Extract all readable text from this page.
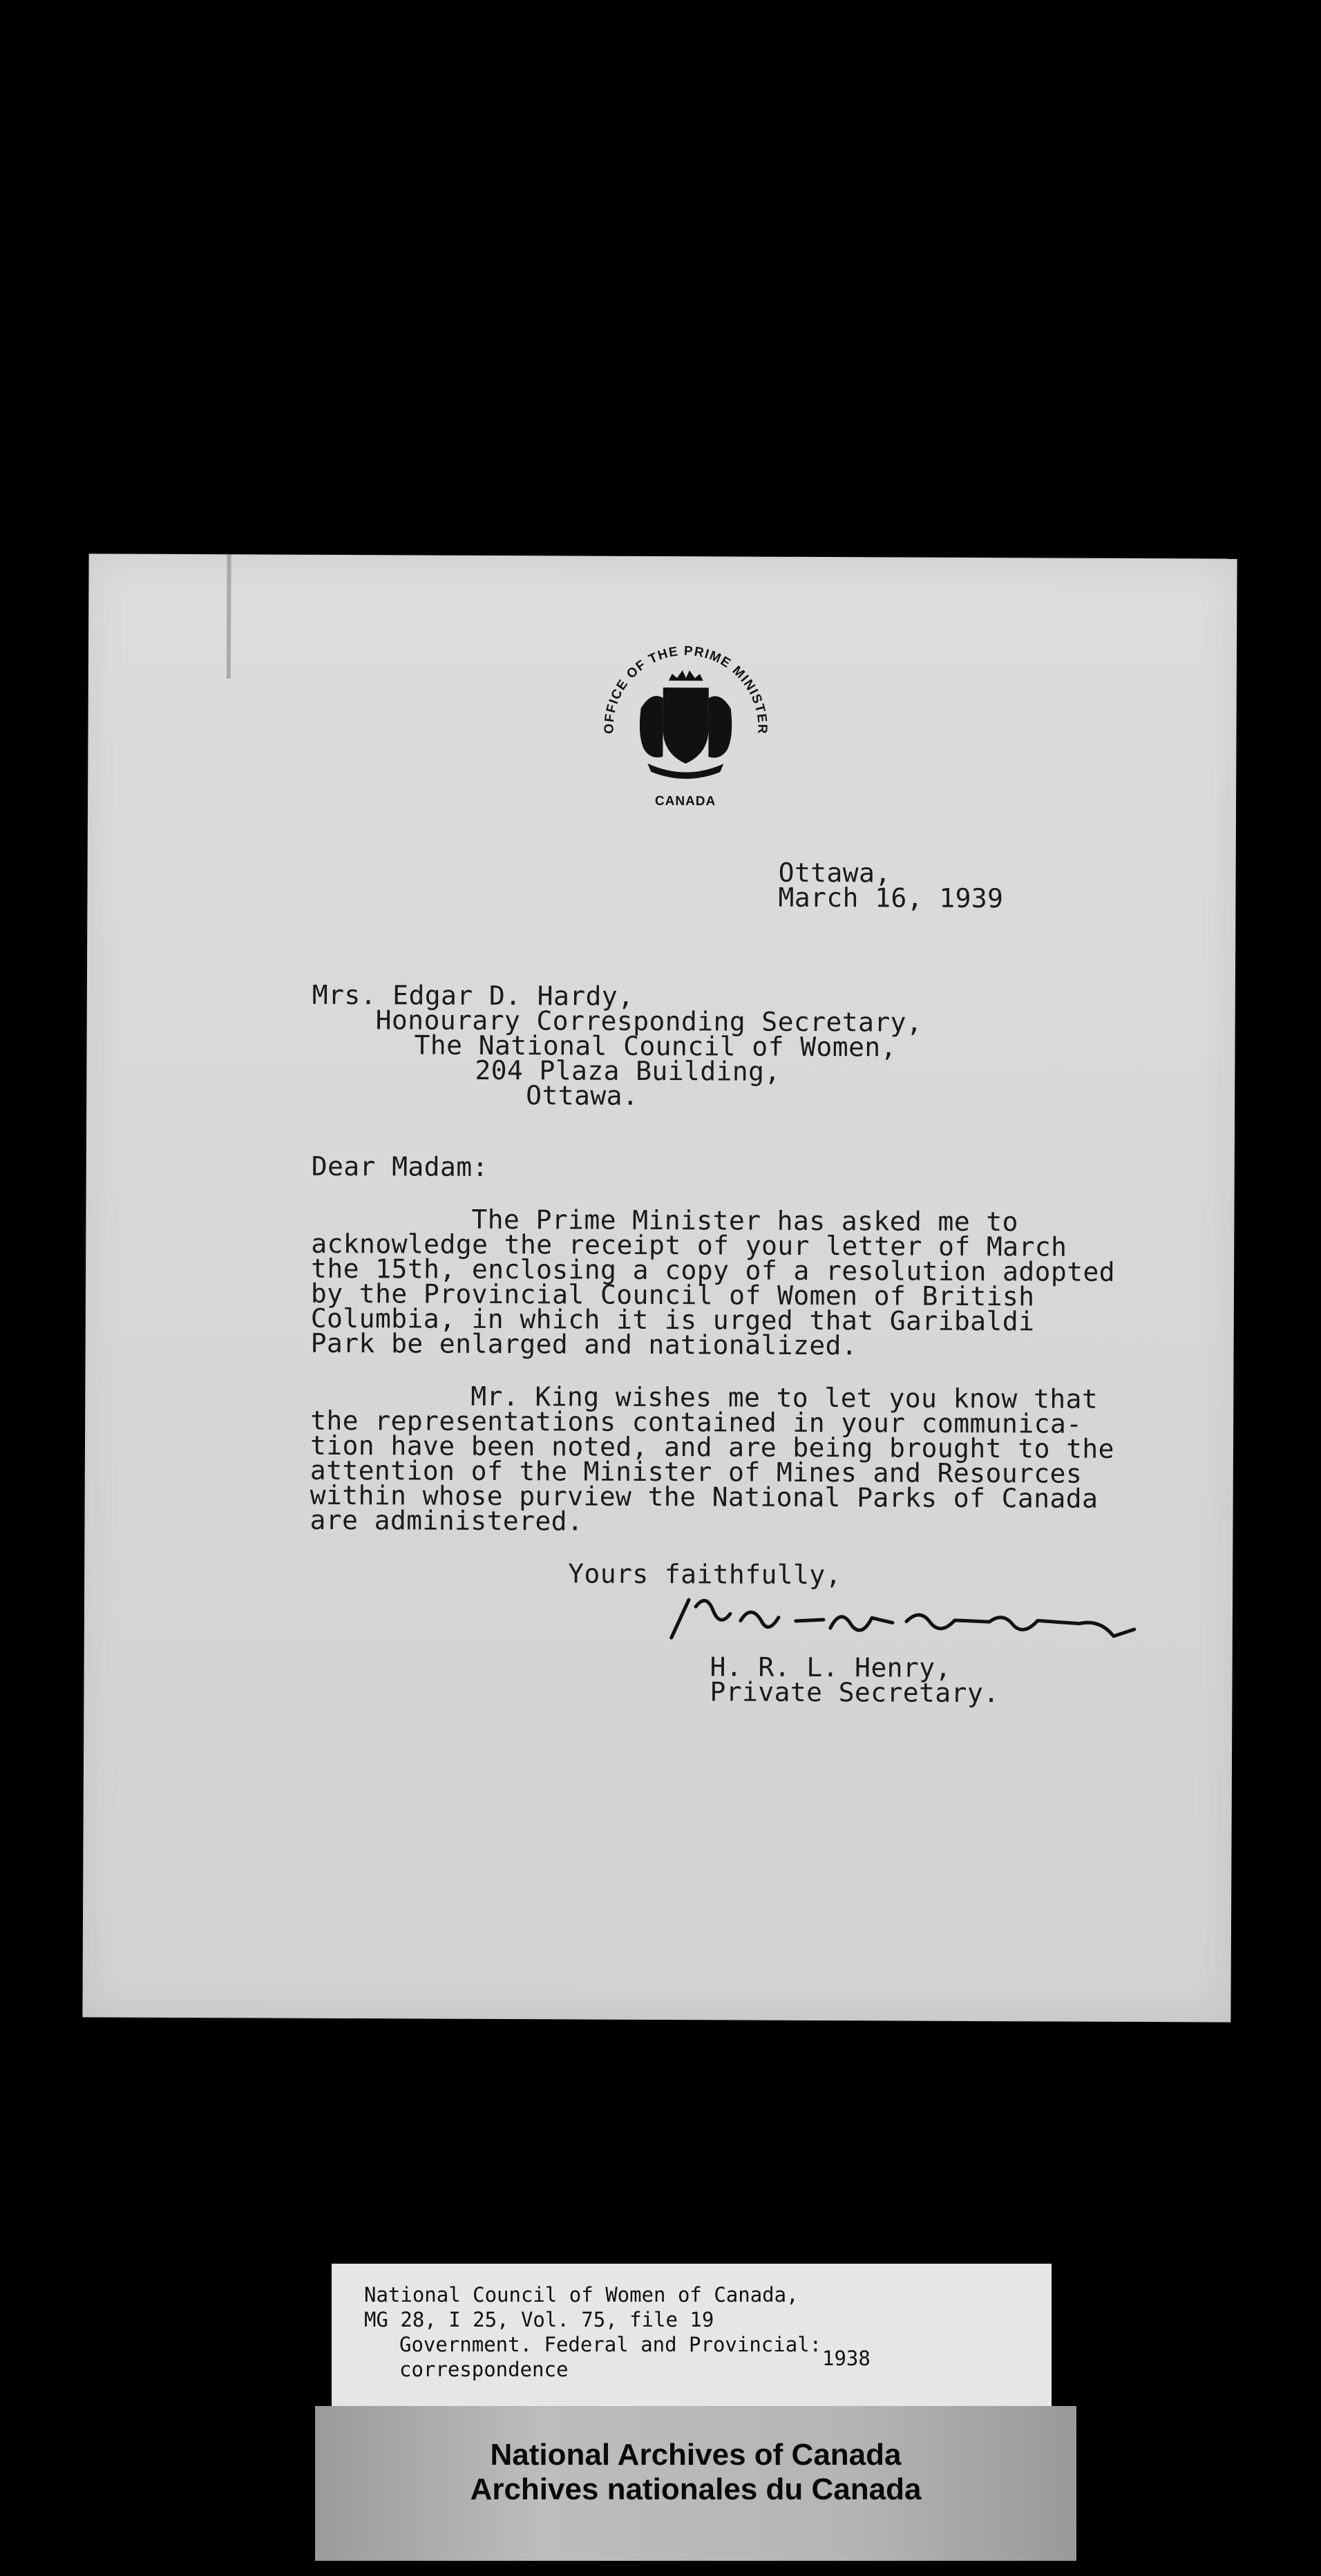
OFFICE OF THE PRIME MINISTER
CANADA
Ottawa,
March 16, 1939
Mrs. Edgar D. Hardy,
Honourary Corresponding Secretary,
The National Council of Women,
204 Plaza Building,
Ottawa.
Dear Madam:
The Prime Minister has asked me to
acknowledge the receipt of your letter of March
the 15th, enclosing a copy of a resolution adopted
by the Provincial Council of Women of British
Columbia, in which it is urged that Garibaldi
Park be enlarged and nationalized.
Mr. King wishes me to let you know that
the representations contained in your communica-
tion have been noted, and are being brought to the
attention of the Minister of Mines and Resources
within whose purview the National Parks of Canada
are administered.
Yours faithfully,
H. R. L. Henry,
Private Secretary.
National Council of Women of Canada,
MG 28, I 25, Vol. 75, file 19
Government. Federal and Provincial:
correspondence	1938
National Archives of Canada
Archives nationales du Canada
